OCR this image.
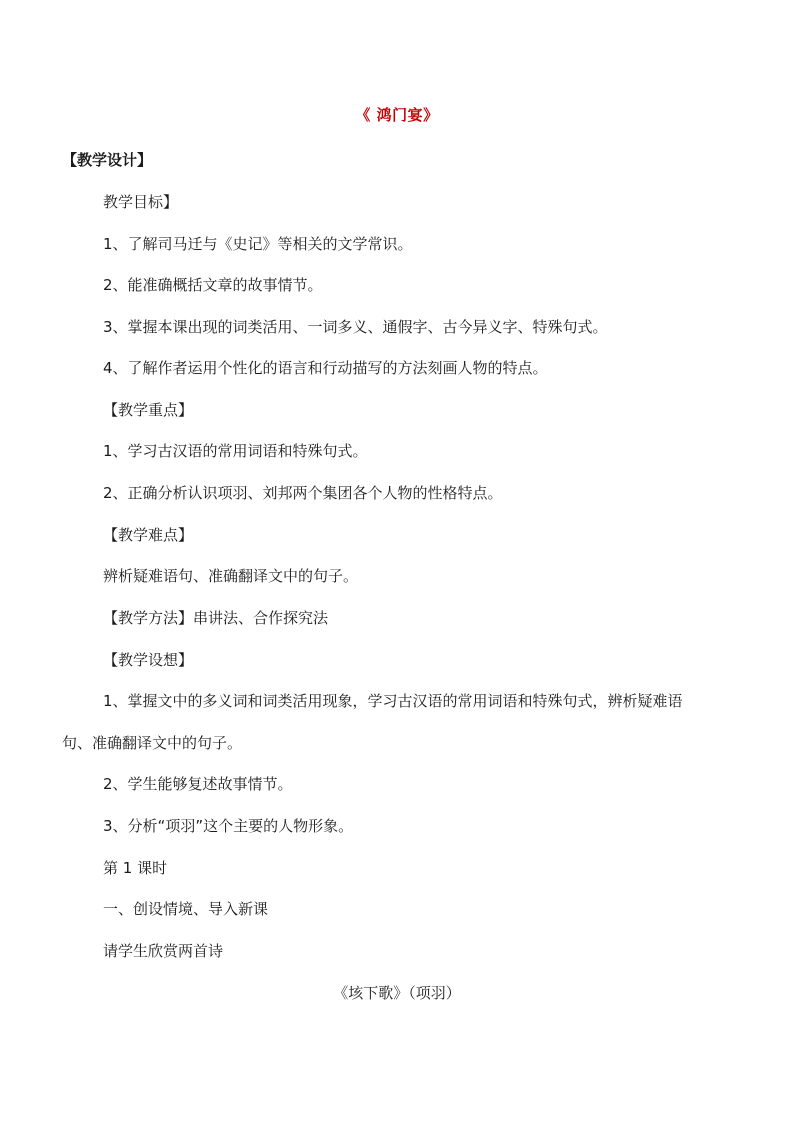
《 鸿门宴》
【教学设计】
教学目标】
1、了解司马迁与《史记》等相关的文学常识。
2、能准确概括文章的故事情节。
3、掌握本课出现的词类活用、一词多义、通假字、古今异义字、特殊句式。
4、了解作者运用个性化的语言和行动描写的方法刻画人物的特点。
【教学重点】
1、学习古汉语的常用词语和特殊句式。
2、正确分析认识项羽、刘邦两个集团各个人物的性格特点。
【教学难点】
辨析疑难语句、准确翻译文中的句子。
【教学方法】串讲法、合作探究法
【教学设想】
1、掌握文中的多义词和词类活用现象，学习古汉语的常用词语和特殊句式，辨析疑难语
句、准确翻译文中的句子。
2、学生能够复述故事情节。
3、分析“项羽”这个主要的人物形象。
第 1 课时
一、创设情境、导入新课
请学生欣赏两首诗
《垓下歌》（项羽）
